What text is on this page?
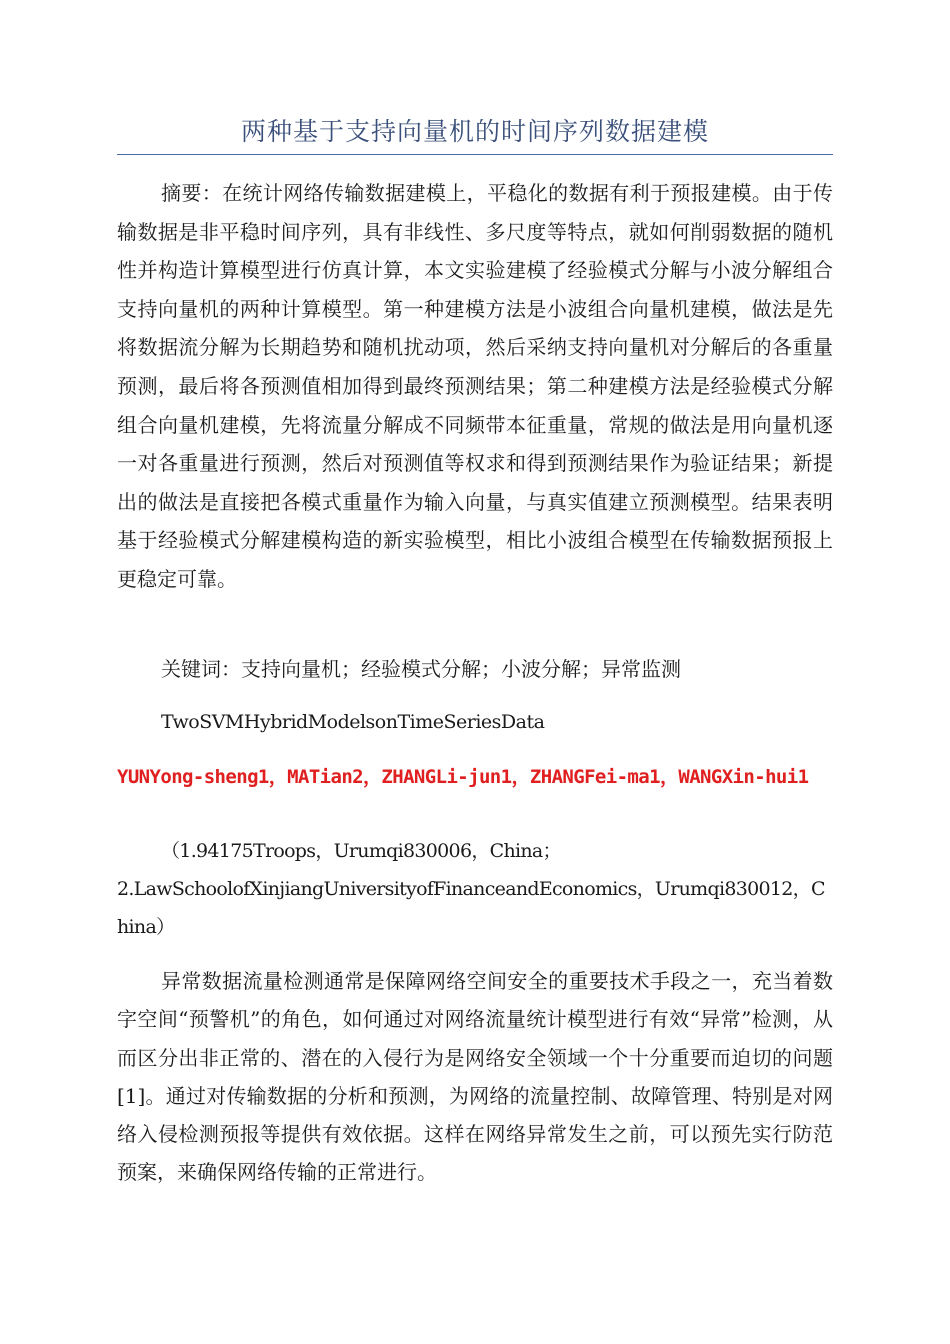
两种基于支持向量机的时间序列数据建模

摘要：在统计网络传输数据建模上，平稳化的数据有利于预报建模。由于传输数据是非平稳时间序列，具有非线性、多尺度等特点，就如何削弱数据的随机性并构造计算模型进行仿真计算，本文实验建模了经验模式分解与小波分解组合支持向量机的两种计算模型。第一种建模方法是小波组合向量机建模，做法是先将数据流分解为长期趋势和随机扰动项，然后采纳支持向量机对分解后的各重量预测，最后将各预测值相加得到最终预测结果；第二种建模方法是经验模式分解组合向量机建模，先将流量分解成不同频带本征重量，常规的做法是用向量机逐一对各重量进行预测，然后对预测值等权求和得到预测结果作为验证结果；新提出的做法是直接把各模式重量作为输入向量，与真实值建立预测模型。结果表明基于经验模式分解建模构造的新实验模型，相比小波组合模型在传输数据预报上更稳定可靠。

关键词：支持向量机；经验模式分解；小波分解；异常监测

TwoSVMHybridModelsonTimeSeriesData

YUNYong-sheng1，MATian2，ZHANGLi-jun1，ZHANGFei-ma1，WANGXin-hui1

（1.94175Troops，Urumqi830006，China；
2.LawSchoolofXinjiangUniversityofFinanceandEconomics，Urumqi830012，China）

异常数据流量检测通常是保障网络空间安全的重要技术手段之一，充当着数字空间“预警机”的角色，如何通过对网络流量统计模型进行有效“异常”检测，从而区分出非正常的、潜在的入侵行为是网络安全领域一个十分重要而迫切的问题[1]。通过对传输数据的分析和预测，为网络的流量控制、故障管理、特别是对网络入侵检测预报等提供有效依据。这样在网络异常发生之前，可以预先实行防范预案，来确保网络传输的正常进行。
